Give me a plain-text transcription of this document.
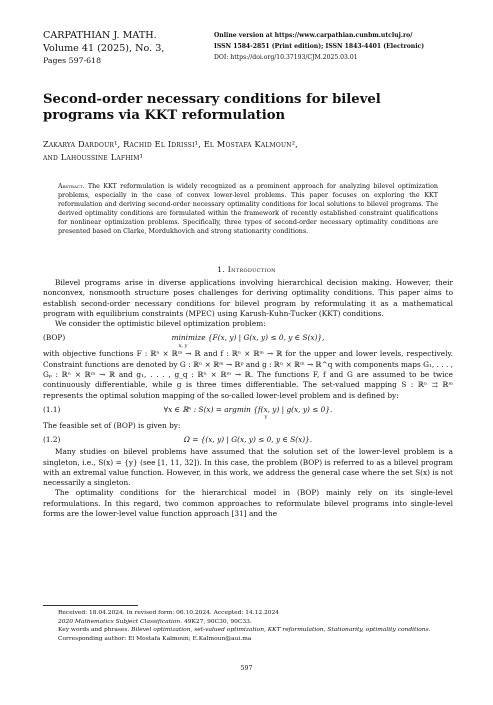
CARPATHIAN J. MATH.
Volume 41 (2025), No. 3,
Pages 597-618
Online version at https://www.carpathian.cunbm.utcluj.ro/
ISSN 1584-2851 (Print edition); ISSN 1843-4401 (Electronic)
DOI: https://doi.org/10.37193/CJM.2025.03.01
Second-order necessary conditions for bilevel programs via KKT reformulation
Zakarya Dardour¹, Rachid El Idrissi¹, El Mostafa Kalmoun²,
and Lahoussine Lafhim¹
Abstract. The KKT reformulation is widely recognized as a prominent approach for analyzing bilevel optimization problems, especially in the case of convex lower-level problems. This paper focuses on exploring the KKT reformulation and deriving second-order necessary optimality conditions for local solutions to bilevel programs. The derived optimality conditions are formulated within the framework of recently established constraint qualifications for nonlinear optimization problems. Specifically, three types of second-order necessary optimality conditions are presented based on Clarke, Mordukhovich and strong stationarity conditions.
1. Introduction

Bilevel programs arise in diverse applications involving hierarchical decision making. However, their nonconvex, nonsmooth structure poses challenges for deriving optimality conditions. This paper aims to establish second-order necessary conditions for bilevel program by reformulating it as a mathematical program with equilibrium constraints (MPEC) using Karush-Kuhn-Tucker (KKT) conditions.

We consider the optimistic bilevel optimization problem:

(BOP)	minimize {F(x, y) | G(x, y) ≤ 0, y ∈ S(x)},
x, y

with objective functions F : ℝⁿ × ℝᵐ → ℝ and f : ℝⁿ × ℝᵐ → ℝ for the upper and lower levels, respectively. Constraint functions are denoted by G : ℝⁿ × ℝᵐ → ℝᵖ and g : ℝⁿ × ℝᵐ → ℝ^q with components maps G₁, . . . , Gₚ : ℝⁿ × ℝᵐ → ℝ and g₁, . . . , g_q : ℝⁿ × ℝᵐ → ℝ. The functions F, f and G are assumed to be twice continuously differentiable, while g is three times differentiable. The set-valued mapping S : ℝⁿ ⇉ ℝᵐ represents the optimal solution mapping of the so-called lower-level problem and is defined by:

(1.1)	∀x ∈ ℝⁿ : S(x) = argmin {f(x, y) | g(x, y) ≤ 0}.
y

The feasible set of (BOP) is given by:

(1.2)	Ω = {(x, y) | G(x, y) ≤ 0, y ∈ S(x)}.

Many studies on bilevel problems have assumed that the solution set of the lower-level problem is a singleton, i.e., S(x) = {y} (see [1, 11, 32]). In this case, the problem (BOP) is referred to as a bilevel program with an extremal value function. However, in this work, we address the general case where the set S(x) is not necessarily a singleton.

The optimality conditions for the hierarchical model in (BOP) mainly rely on its single-level reformulations. In this regard, two common approaches to reformulate bilevel programs into single-level forms are the lower-level value function approach [31] and the

Received: 18.04.2024. In revised form: 06.10.2024. Accepted: 14.12.2024
2020 Mathematics Subject Classification. 49K27, 90C30, 90C33.
Key words and phrases. Bilevel optimization, set-valued optimization, KKT reformulation, Stationarity, optimality conditions.
Corresponding author: El Mostafa Kalmoun; E.Kalmoun@aui.ma
597
